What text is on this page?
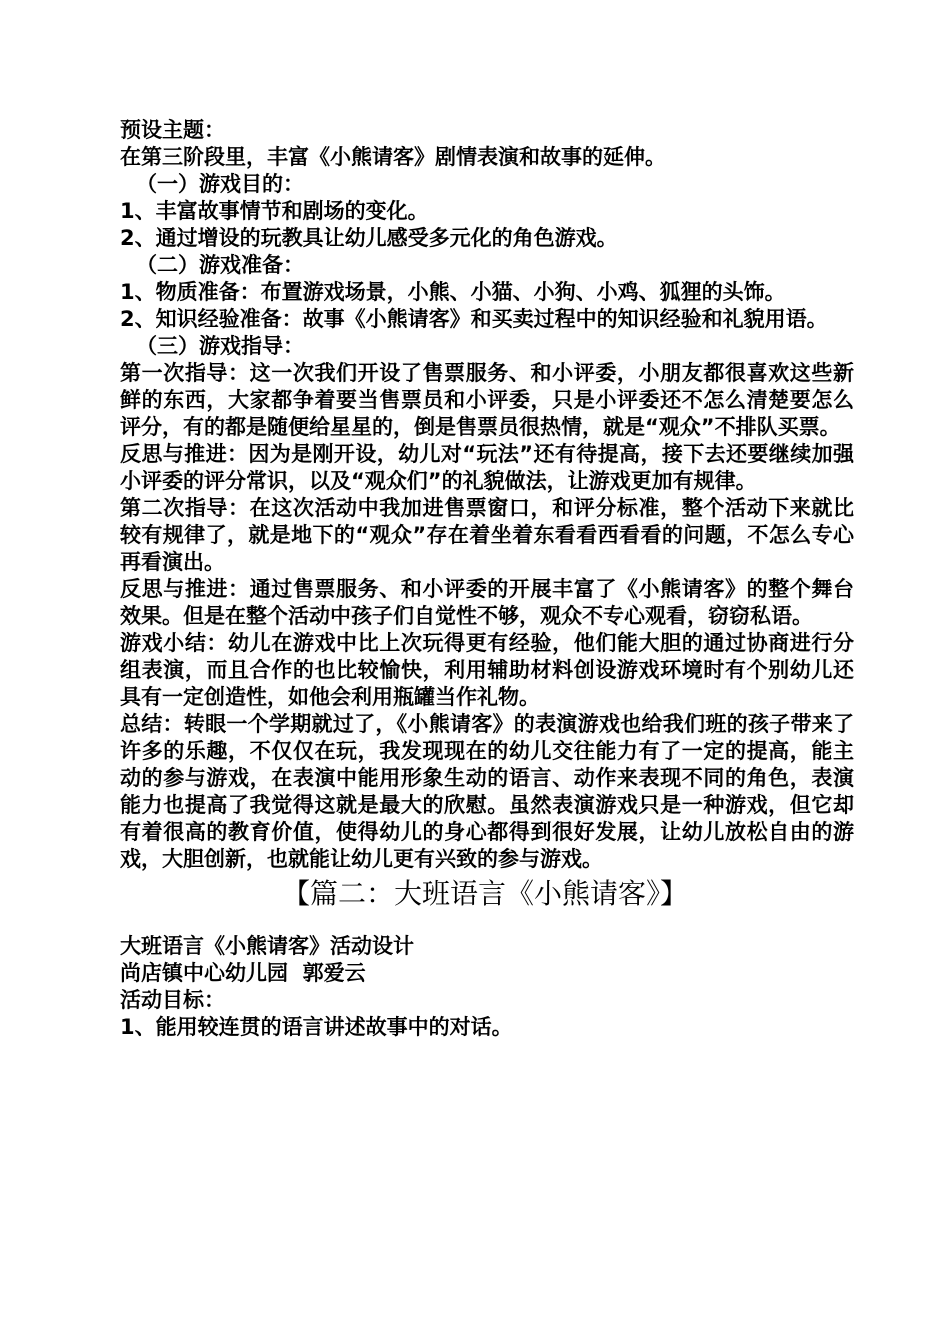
预设主题：

在第三阶段里，丰富《小熊请客》剧情表演和故事的延伸。

（一）游戏目的：

1、丰富故事情节和剧场的变化。

2、通过增设的玩教具让幼儿感受多元化的角色游戏。

（二）游戏准备：

1、物质准备：布置游戏场景，小熊、小猫、小狗、小鸡、狐狸的头饰。

2、知识经验准备：故事《小熊请客》和买卖过程中的知识经验和礼貌用语。

（三）游戏指导：

第一次指导：这一次我们开设了售票服务、和小评委，小朋友都很喜欢这些新鲜的东西，大家都争着要当售票员和小评委，只是小评委还不怎么清楚要怎么评分，有的都是随便给星星的，倒是售票员很热情，就是“观众”不排队买票。

反思与推进：因为是刚开设，幼儿对“玩法”还有待提高，接下去还要继续加强小评委的评分常识，以及“观众们”的礼貌做法，让游戏更加有规律。

第二次指导：在这次活动中我加进售票窗口，和评分标准，整个活动下来就比较有规律了，就是地下的“观众”存在着坐着东看看西看看的问题，不怎么专心再看演出。

反思与推进：通过售票服务、和小评委的开展丰富了《小熊请客》的整个舞台效果。但是在整个活动中孩子们自觉性不够，观众不专心观看，窃窃私语。

游戏小结：幼儿在游戏中比上次玩得更有经验，他们能大胆的通过协商进行分组表演，而且合作的也比较愉快，利用辅助材料创设游戏环境时有个别幼儿还具有一定创造性，如他会利用瓶罐当作礼物。

总结：转眼一个学期就过了，《小熊请客》的表演游戏也给我们班的孩子带来了许多的乐趣，不仅仅在玩，我发现现在的幼儿交往能力有了一定的提高，能主动的参与游戏，在表演中能用形象生动的语言、动作来表现不同的角色，表演能力也提高了我觉得这就是最大的欣慰。虽然表演游戏只是一种游戏，但它却有着很高的教育价值，使得幼儿的身心都得到很好发展，让幼儿放松自由的游戏，大胆创新，也就能让幼儿更有兴致的参与游戏。

【篇二：大班语言《小熊请客》】

大班语言《小熊请客》活动设计

尚店镇中心幼儿园  郭爱云

活动目标：

1、能用较连贯的语言讲述故事中的对话。
